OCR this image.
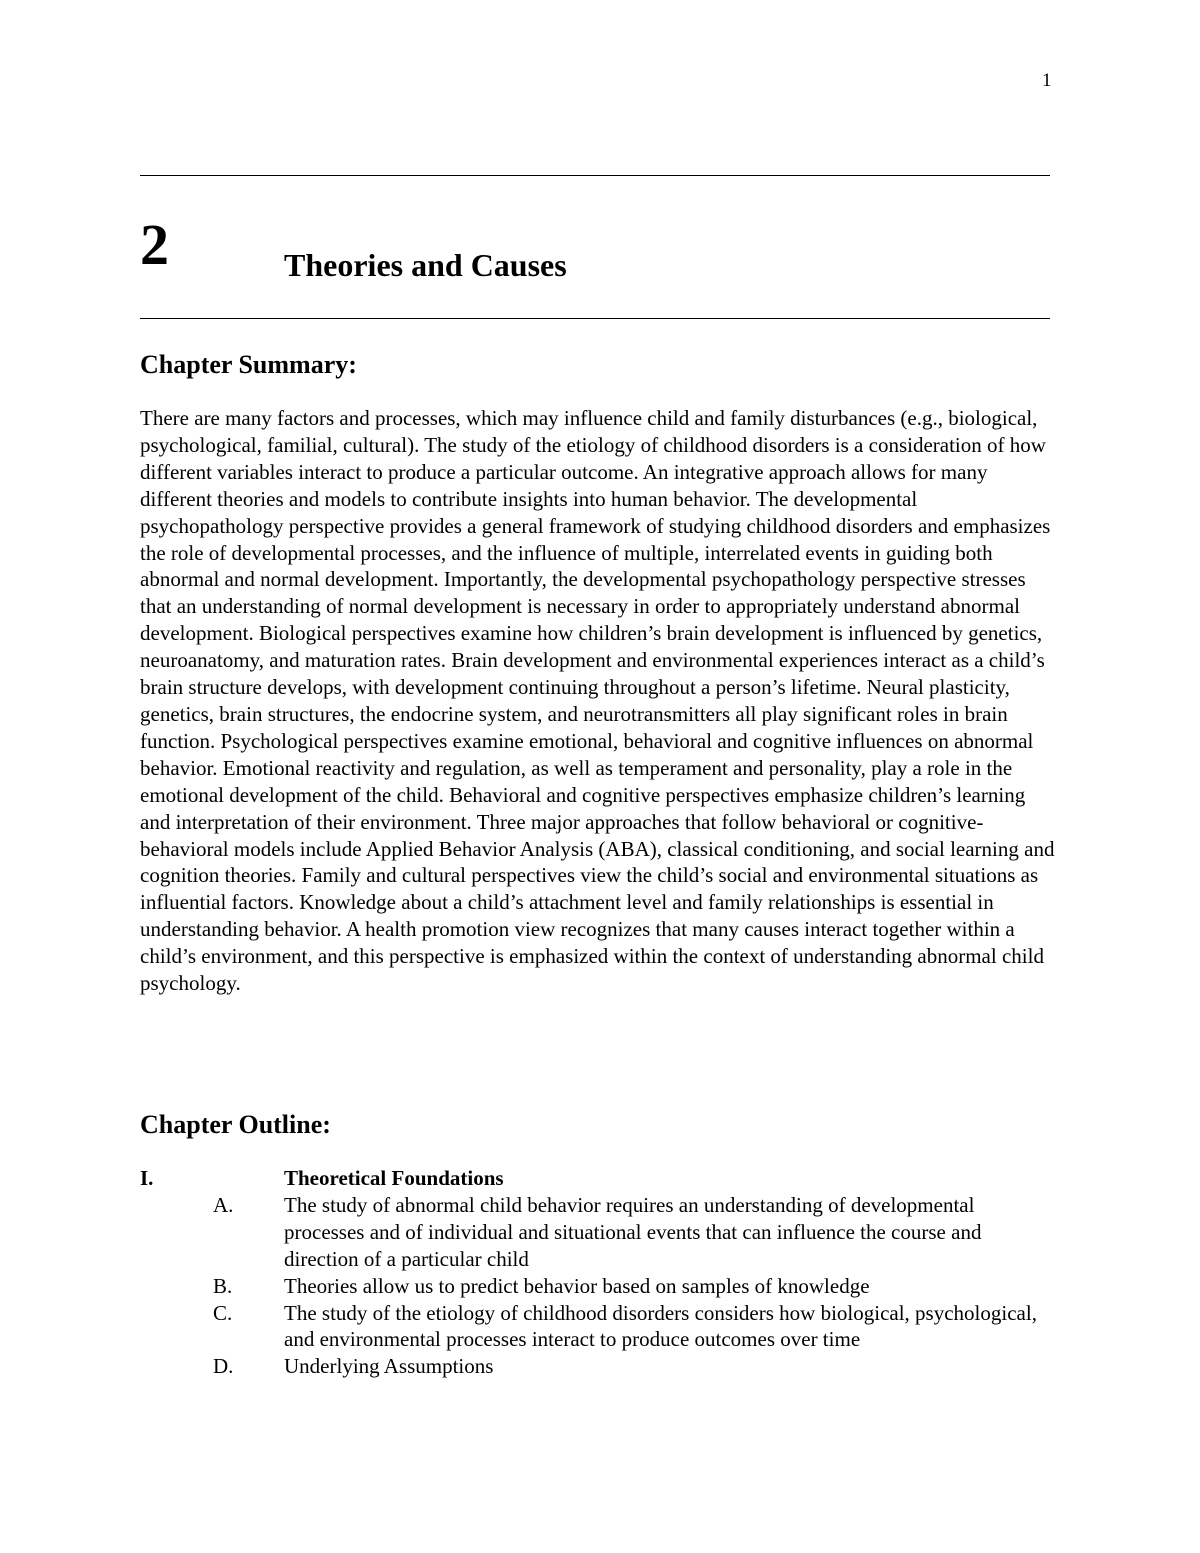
1
2	Theories and Causes
Chapter Summary:

There are many factors and processes, which may influence child and family disturbances (e.g., biological, psychological, familial, cultural). The study of the etiology of childhood disorders is a consideration of how different variables interact to produce a particular outcome. An integrative approach allows for many different theories and models to contribute insights into human behavior. The developmental psychopathology perspective provides a general framework of studying childhood disorders and emphasizes the role of developmental processes, and the influence of multiple, interrelated events in guiding both abnormal and normal development. Importantly, the developmental psychopathology perspective stresses that an understanding of normal development is necessary in order to appropriately understand abnormal development. Biological perspectives examine how children’s brain development is influenced by genetics, neuroanatomy, and maturation rates. Brain development and environmental experiences interact as a child’s brain structure develops, with development continuing throughout a person’s lifetime. Neural plasticity, genetics, brain structures, the endocrine system, and neurotransmitters all play significant roles in brain function. Psychological perspectives examine emotional, behavioral and cognitive influences on abnormal behavior. Emotional reactivity and regulation, as well as temperament and personality, play a role in the emotional development of the child. Behavioral and cognitive perspectives emphasize children’s learning and interpretation of their environment. Three major approaches that follow behavioral or cognitive-behavioral models include Applied Behavior Analysis (ABA), classical conditioning, and social learning and cognition theories. Family and cultural perspectives view the child’s social and environmental situations as influential factors. Knowledge about a child’s attachment level and family relationships is essential in understanding behavior. A health promotion view recognizes that many causes interact together within a child’s environment, and this perspective is emphasized within the context of understanding abnormal child psychology.

Chapter Outline:
I.	Theoretical Foundations
A. The study of abnormal child behavior requires an understanding of developmental processes and of individual and situational events that can influence the course and direction of a particular child
B. Theories allow us to predict behavior based on samples of knowledge
C. The study of the etiology of childhood disorders considers how biological, psychological, and environmental processes interact to produce outcomes over time
D. Underlying Assumptions
